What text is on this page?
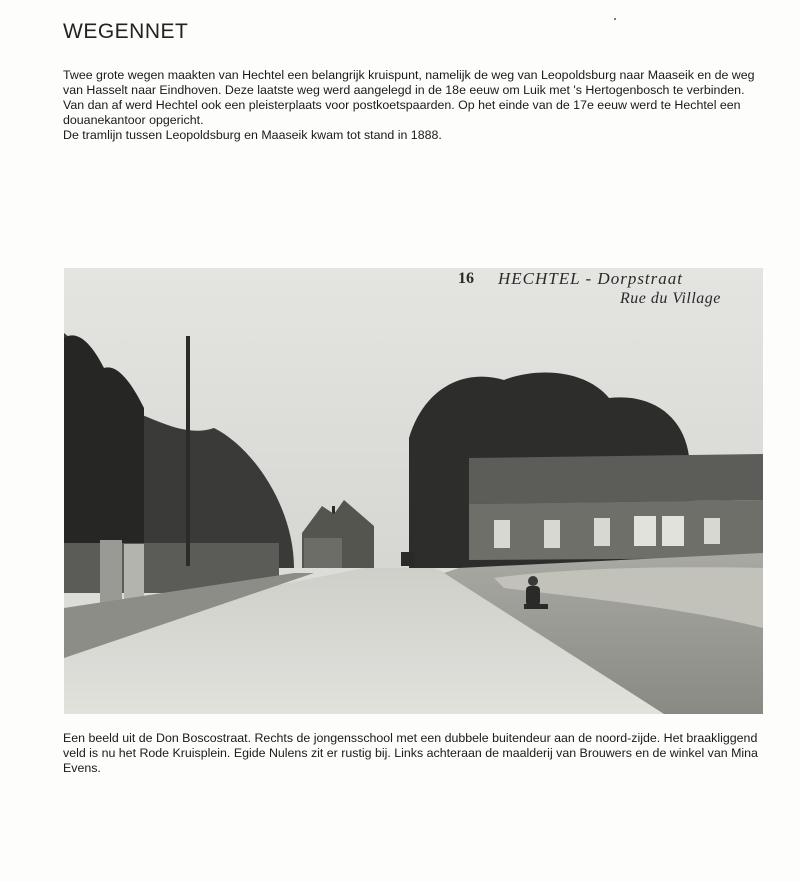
WEGENNET

Twee grote wegen maakten van Hechtel een belangrijk kruispunt, namelijk de weg van Leopoldsburg naar Maaseik en de weg van Hasselt naar Eindhoven. Deze laatste weg werd aangelegd in de 18e eeuw om Luik met 's Hertogenbosch te verbinden.

Van dan af werd Hechtel ook een pleisterplaats voor postkoetspaarden. Op het einde van de 17e eeuw werd te Hechtel een douanekantoor opgericht.

De tramlijn tussen Leopoldsburg en Maaseik kwam tot stand in 1888.

16 HECHTEL - Dorpstraat
Rue du Village

Een beeld uit de Don Boscostraat. Rechts de jongensschool met een dubbele buitendeur aan de noord-zijde. Het braakliggend veld is nu het Rode Kruisplein. Egide Nulens zit er rustig bij. Links achteraan de maalderij van Brouwers en de winkel van Mina Evens.
